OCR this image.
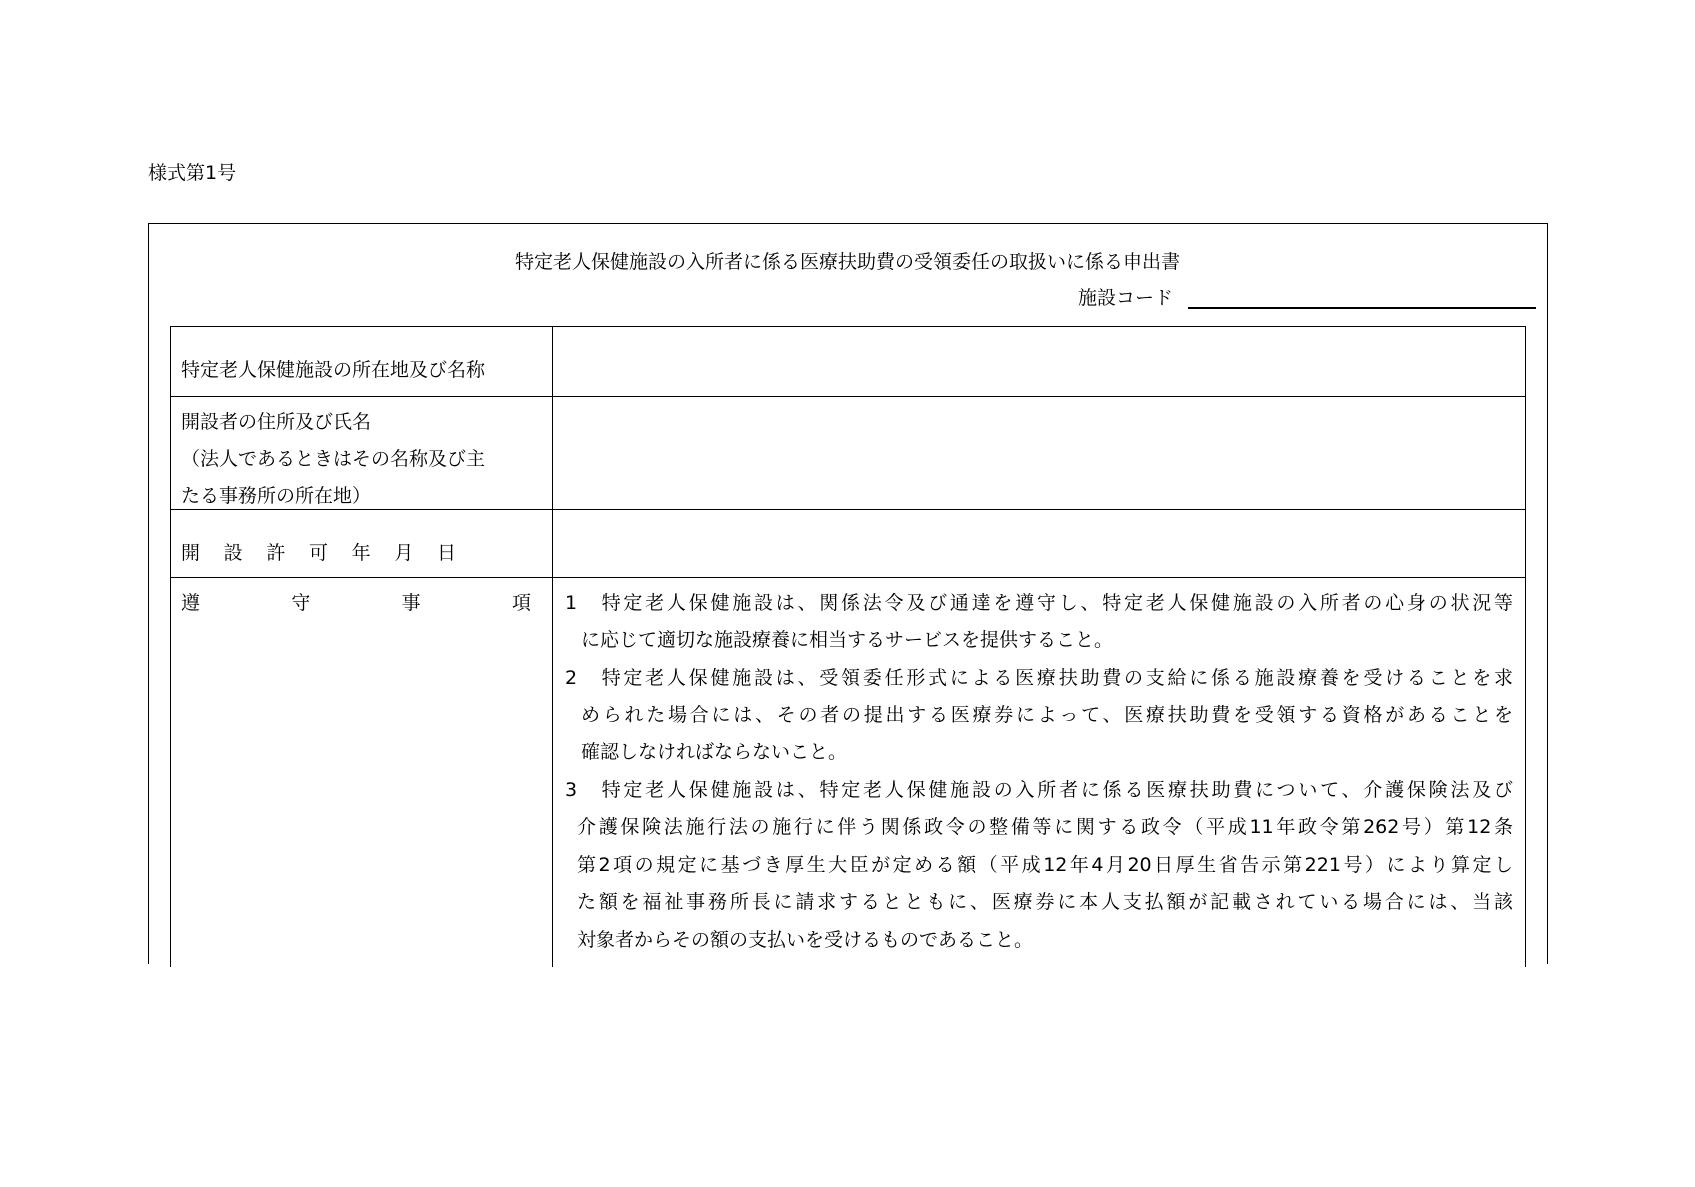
様式第1号
特定老人保健施設の入所者に係る医療扶助費の受領委任の取扱いに係る申出書
施設コード
特定老人保健施設の所在地及び名称
開設者の住所及び氏名
（法人であるときはその名称及び主
たる事務所の所在地）
開 設 許 可 年 月 日
遵 守 事 項 1　特定老人保健施設は、関係法令及び通達を遵守し、特定老人保健施設の入所者の心身の状況等
に応じて適切な施設療養に相当するサービスを提供すること。
2　特定老人保健施設は、受領委任形式による医療扶助費の支給に係る施設療養を受けることを求
められた場合には、その者の提出する医療券によって、医療扶助費を受領する資格があることを
確認しなければならないこと。
3　特定老人保健施設は、特定老人保健施設の入所者に係る医療扶助費について、介護保険法及び
介護保険法施行法の施行に伴う関係政令の整備等に関する政令（平成11年政令第262号）第12条
第2項の規定に基づき厚生大臣が定める額（平成12年4月20日厚生省告示第221号）により算定し
た額を福祉事務所長に請求するとともに、医療券に本人支払額が記載されている場合には、当該
対象者からその額の支払いを受けるものであること。
